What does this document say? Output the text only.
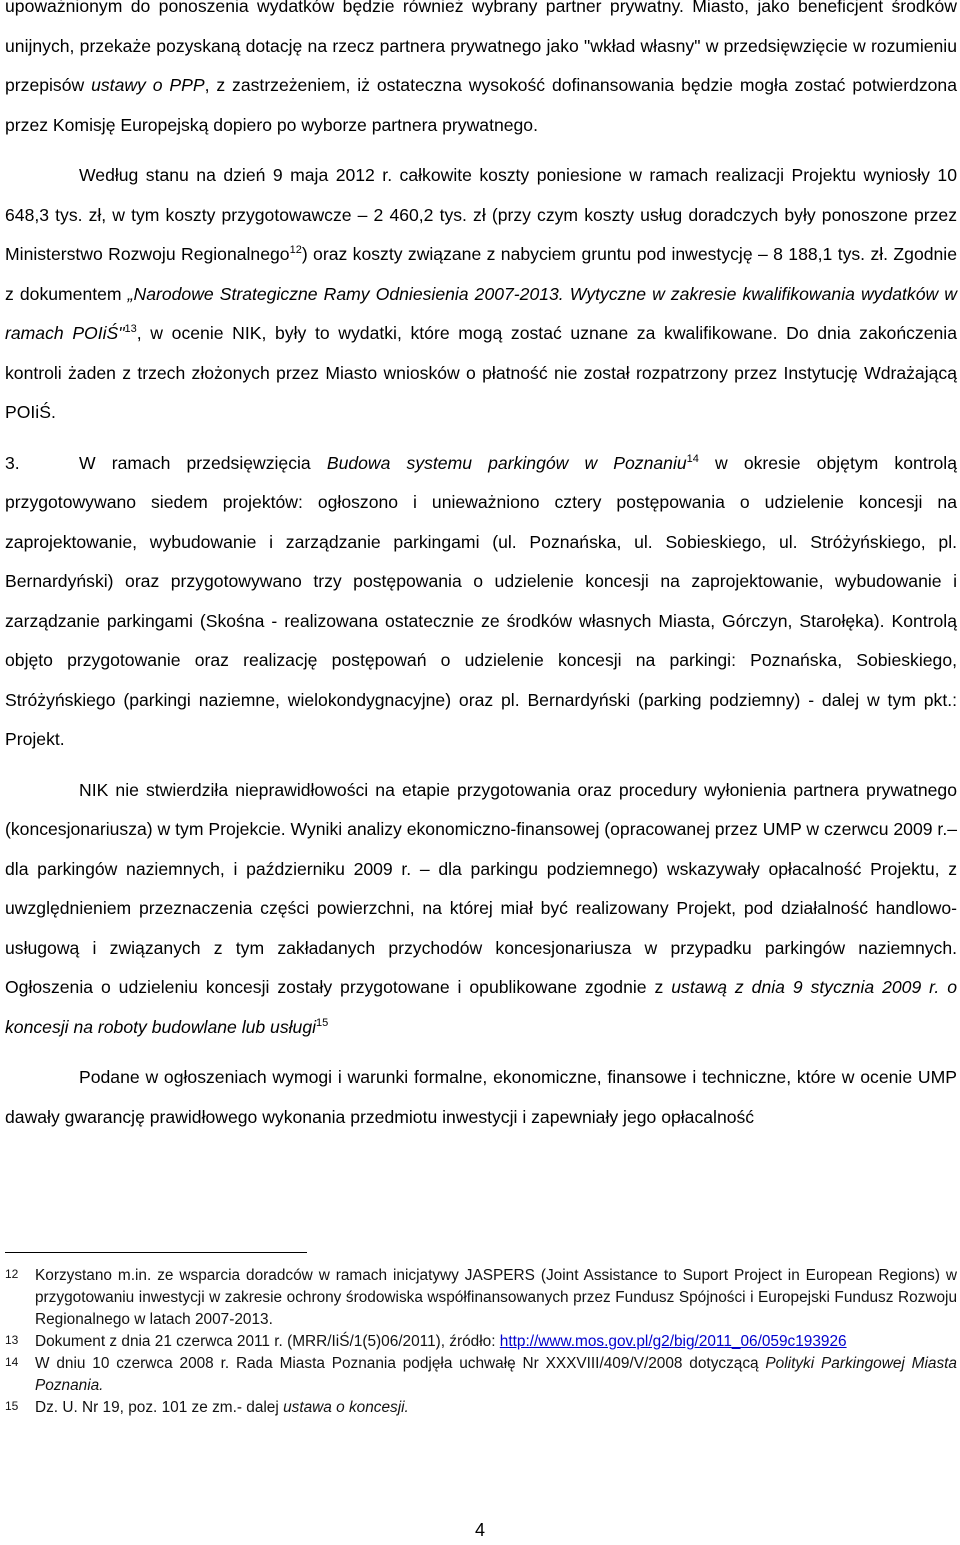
upoważnionym do ponoszenia wydatków będzie również wybrany partner prywatny. Miasto, jako beneficjent środków unijnych, przekaże pozyskaną dotację na rzecz partnera prywatnego jako "wkład własny" w przedsięwzięcie w rozumieniu przepisów ustawy o PPP, z zastrzeżeniem, iż ostateczna wysokość dofinansowania będzie mogła zostać potwierdzona przez Komisję Europejską dopiero po wyborze partnera prywatnego.

Według stanu na dzień 9 maja 2012 r. całkowite koszty poniesione w ramach realizacji Projektu wyniosły 10 648,3 tys. zł, w tym koszty przygotowawcze – 2 460,2 tys. zł (przy czym koszty usług doradczych były ponoszone przez Ministerstwo Rozwoju Regionalnego$^{12}$) oraz koszty związane z nabyciem gruntu pod inwestycję – 8 188,1 tys. zł. Zgodnie z dokumentem „Narodowe Strategiczne Ramy Odniesienia 2007-2013. Wytyczne w zakresie kwalifikowania wydatków w ramach POIiŚ"$^{13}$, w ocenie NIK, były to wydatki, które mogą zostać uznane za kwalifikowane. Do dnia zakończenia kontroli żaden z trzech złożonych przez Miasto wniosków o płatność nie został rozpatrzony przez Instytucję Wdrażającą POIiŚ.

3.	W ramach przedsięwzięcia Budowa systemu parkingów w Poznaniu$^{14}$ w okresie objętym kontrolą przygotowywano siedem projektów: ogłoszono i unieważniono cztery postępowania o udzielenie koncesji na zaprojektowanie, wybudowanie i zarządzanie parkingami (ul. Poznańska, ul. Sobieskiego, ul. Stróżyńskiego, pl. Bernardyński) oraz przygotowywano trzy postępowania o udzielenie koncesji na zaprojektowanie, wybudowanie i zarządzanie parkingami (Skośna - realizowana ostatecznie ze środków własnych Miasta, Górczyn, Starołęka). Kontrolą objęto przygotowanie oraz realizację postępowań o udzielenie koncesji na parkingi: Poznańska, Sobieskiego, Stróżyńskiego (parkingi naziemne, wielokondygnacyjne) oraz pl. Bernardyński (parking podziemny) - dalej w tym pkt.: Projekt.

NIK nie stwierdziła nieprawidłowości na etapie przygotowania oraz procedury wyłonienia partnera prywatnego (koncesjonariusza) w tym Projekcie. Wyniki analizy ekonomiczno-finansowej (opracowanej przez UMP w czerwcu 2009 r.– dla parkingów naziemnych, i październiku 2009 r. – dla parkingu podziemnego) wskazywały opłacalność Projektu, z uwzględnieniem przeznaczenia części powierzchni, na której miał być realizowany Projekt, pod działalność handlowo-usługową i związanych z tym zakładanych przychodów koncesjonariusza w przypadku parkingów naziemnych. Ogłoszenia o udzieleniu koncesji zostały przygotowane i opublikowane zgodnie z ustawą z dnia 9 stycznia 2009 r. o koncesji na roboty budowlane lub usługi$^{15}$

Podane w ogłoszeniach wymogi i warunki formalne, ekonomiczne, finansowe i techniczne, które w ocenie UMP dawały gwarancję prawidłowego wykonania przedmiotu inwestycji i zapewniały jego opłacalność

12	Korzystano m.in. ze wsparcia doradców w ramach inicjatywy JASPERS (Joint Assistance to Suport Project in European Regions) w przygotowaniu inwestycji w zakresie ochrony środowiska współfinansowanych przez Fundusz Spójności i Europejski Fundusz Rozwoju Regionalnego w latach 2007-2013.
13	Dokument z dnia 21 czerwca 2011 r. (MRR/IiŚ/1(5)06/2011), źródło: http://www.mos.gov.pl/g2/big/2011_06/059c193926
14	W dniu 10 czerwca 2008 r. Rada Miasta Poznania podjęła uchwałę Nr XXXVIII/409/V/2008 dotyczącą Polityki Parkingowej Miasta Poznania.
15	Dz. U. Nr 19, poz. 101 ze zm.- dalej ustawa o koncesji.
4
